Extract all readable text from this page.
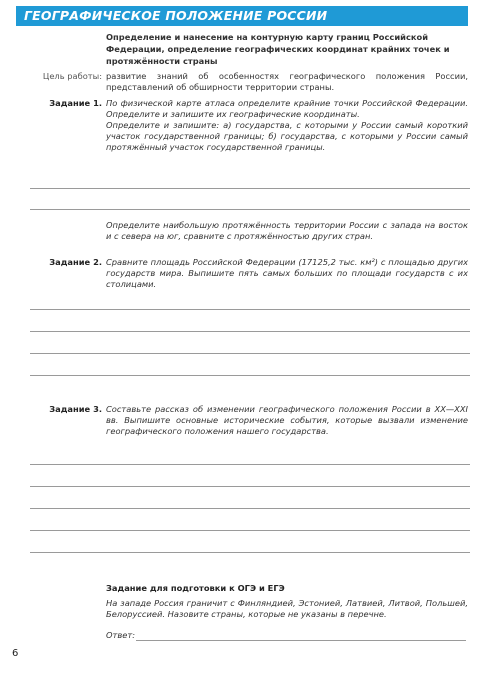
ГЕОГРАФИЧЕСКОЕ ПОЛОЖЕНИЕ РОССИИ
Определение и нанесение на контурную карту границ Российской Федерации, определение географических координат крайних точек и протяжённости страны
Цель работы: развитие знаний об особенностях географического положения России, представлений об обширности территории страны.
Задание 1. По физической карте атласа определите крайние точки Российской Федерации. Определите и запишите их географические координаты.

Определите и запишите: а) государства, с которыми у России самый короткий участок государственной границы; б) государства, с которыми у России самый протяжённый участок государственной границы.

Определите наибольшую протяжённость территории России с запада на восток и с севера на юг, сравните с протяжённостью других стран.
Задание 2. Сравните площадь Российской Федерации (17125,2 тыс. км²) с площадью других государств мира. Выпишите пять самых больших по площади государств с их столицами.
Задание 3. Составьте рассказ об изменении географического положения России в XX—XXI вв. Выпишите основные исторические события, которые вызвали изменение географического положения нашего государства.
Задание для подготовки к ОГЭ и ЕГЭ
На западе Россия граничит с Финляндией, Эстонией, Латвией, Литвой, Польшей, Белоруссией. Назовите страны, которые не указаны в перечне.
Ответ:
6
